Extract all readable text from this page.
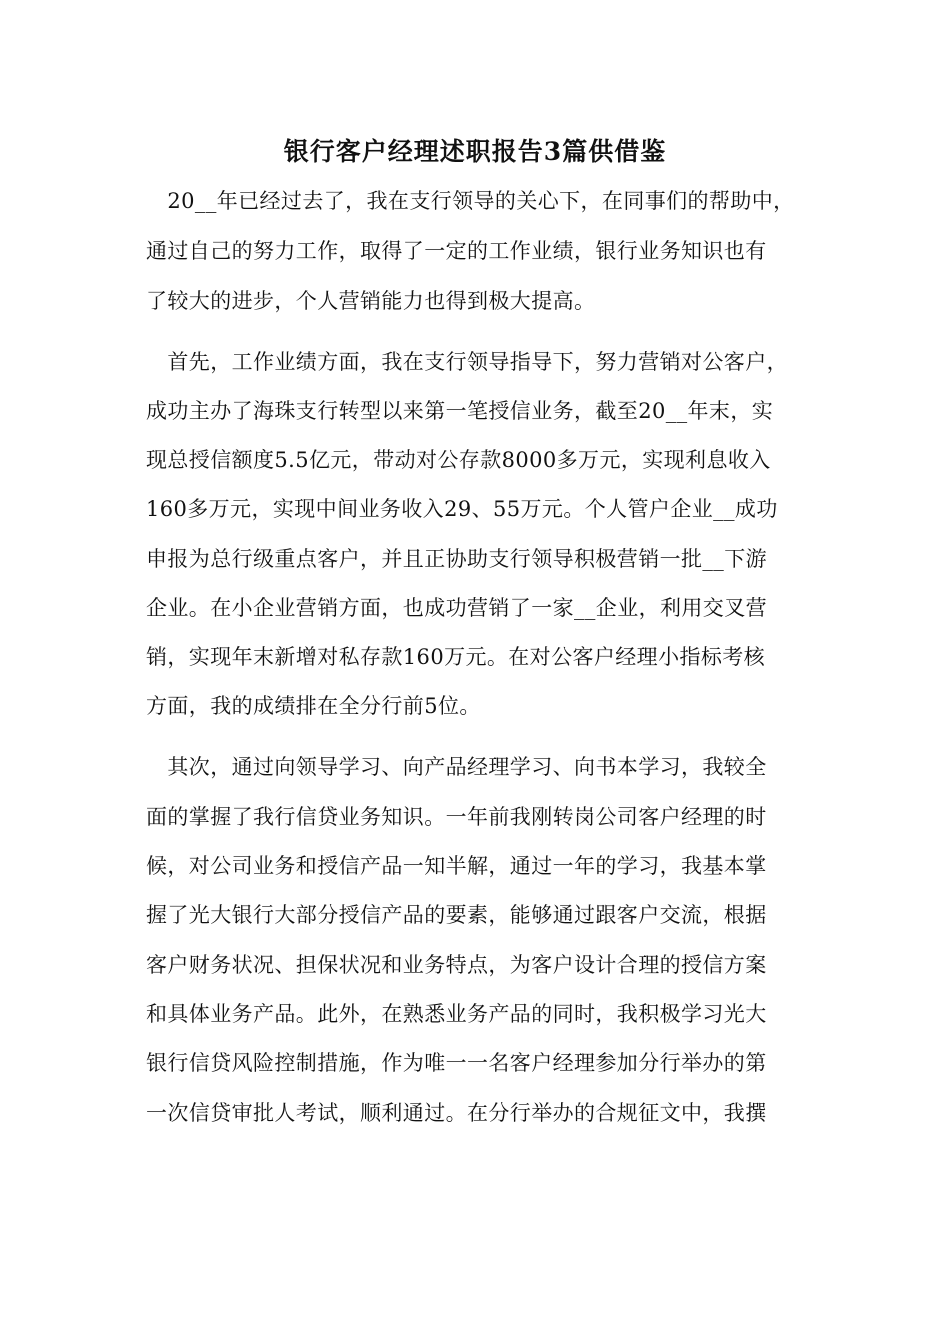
银行客户经理述职报告3篇供借鉴

　20__年已经过去了，我在支行领导的关心下，在同事们的帮助中，

通过自己的努力工作，取得了一定的工作业绩，银行业务知识也有

了较大的进步，个人营销能力也得到极大提高。

　首先，工作业绩方面，我在支行领导指导下，努力营销对公客户，

成功主办了海珠支行转型以来第一笔授信业务，截至20__年末，实

现总授信额度5.5亿元，带动对公存款8000多万元，实现利息收入

160多万元，实现中间业务收入29、55万元。个人管户企业__成功

申报为总行级重点客户，并且正协助支行领导积极营销一批__下游

企业。在小企业营销方面，也成功营销了一家__企业，利用交叉营

销，实现年末新增对私存款160万元。在对公客户经理小指标考核

方面，我的成绩排在全分行前5位。

　其次，通过向领导学习、向产品经理学习、向书本学习，我较全

面的掌握了我行信贷业务知识。一年前我刚转岗公司客户经理的时

候，对公司业务和授信产品一知半解，通过一年的学习，我基本掌

握了光大银行大部分授信产品的要素，能够通过跟客户交流，根据

客户财务状况、担保状况和业务特点，为客户设计合理的授信方案

和具体业务产品。此外，在熟悉业务产品的同时，我积极学习光大

银行信贷风险控制措施，作为唯一一名客户经理参加分行举办的第

一次信贷审批人考试，顺利通过。在分行举办的合规征文中，我撰
